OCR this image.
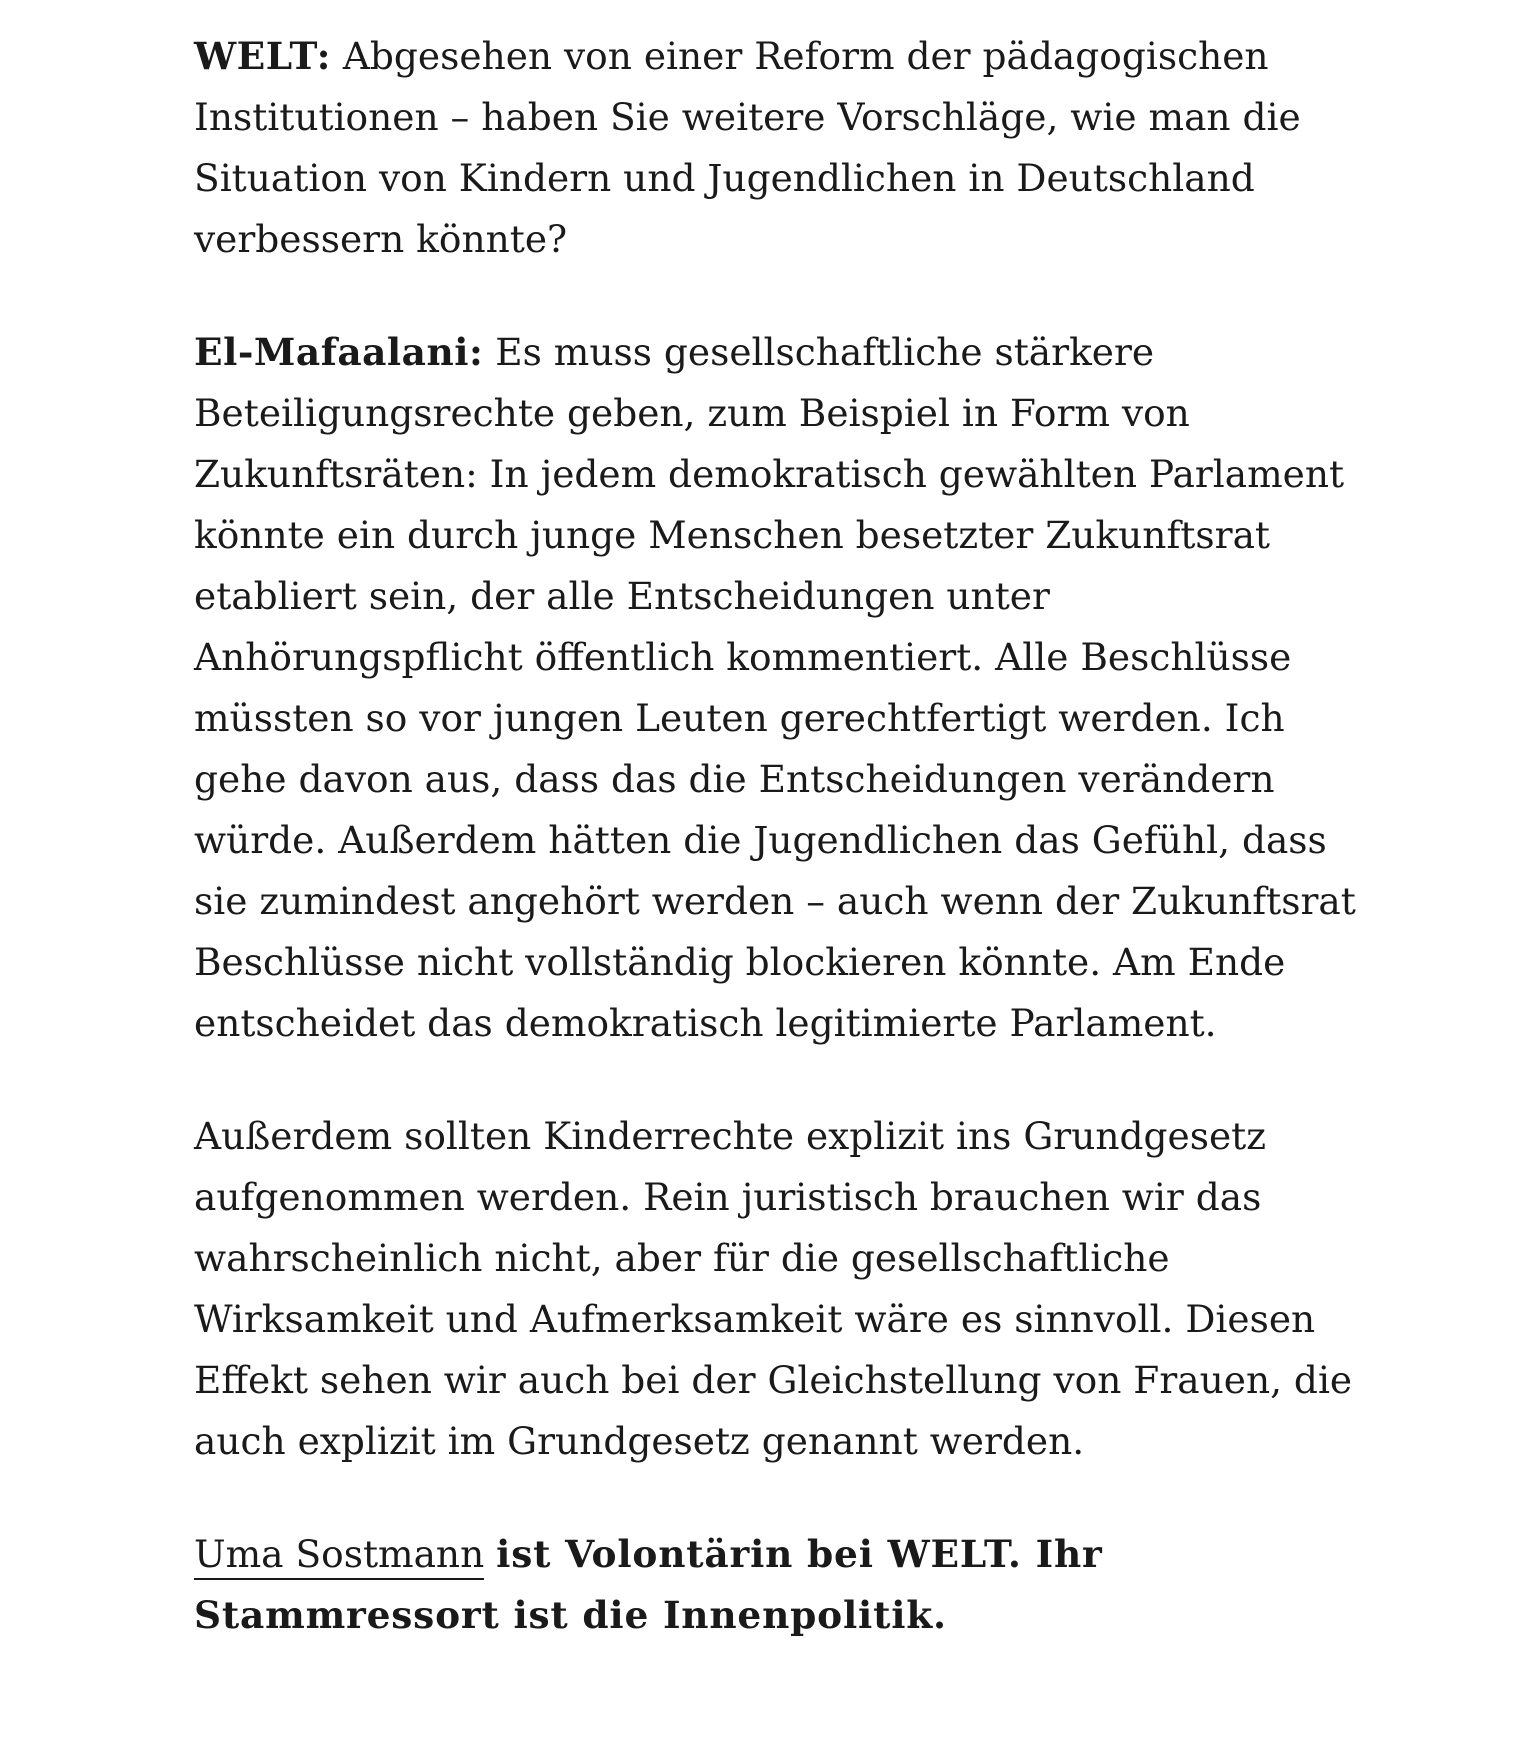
WELT: Abgesehen von einer Reform der pädagogischen Institutionen – haben Sie weitere Vorschläge, wie man die Situation von Kindern und Jugendlichen in Deutschland verbessern könnte?

El-Mafaalani: Es muss gesellschaftliche stärkere Beteiligungsrechte geben, zum Beispiel in Form von Zukunftsräten: In jedem demokratisch gewählten Parlament könnte ein durch junge Menschen besetzter Zukunftsrat etabliert sein, der alle Entscheidungen unter Anhörungspflicht öffentlich kommentiert. Alle Beschlüsse müssten so vor jungen Leuten gerechtfertigt werden. Ich gehe davon aus, dass das die Entscheidungen verändern würde. Außerdem hätten die Jugendlichen das Gefühl, dass sie zumindest angehört werden – auch wenn der Zukunftsrat Beschlüsse nicht vollständig blockieren könnte. Am Ende entscheidet das demokratisch legitimierte Parlament.

Außerdem sollten Kinderrechte explizit ins Grundgesetz aufgenommen werden. Rein juristisch brauchen wir das wahrscheinlich nicht, aber für die gesellschaftliche Wirksamkeit und Aufmerksamkeit wäre es sinnvoll. Diesen Effekt sehen wir auch bei der Gleichstellung von Frauen, die auch explizit im Grundgesetz genannt werden.

Uma Sostmann ist Volontärin bei WELT. Ihr Stammressort ist die Innenpolitik.
